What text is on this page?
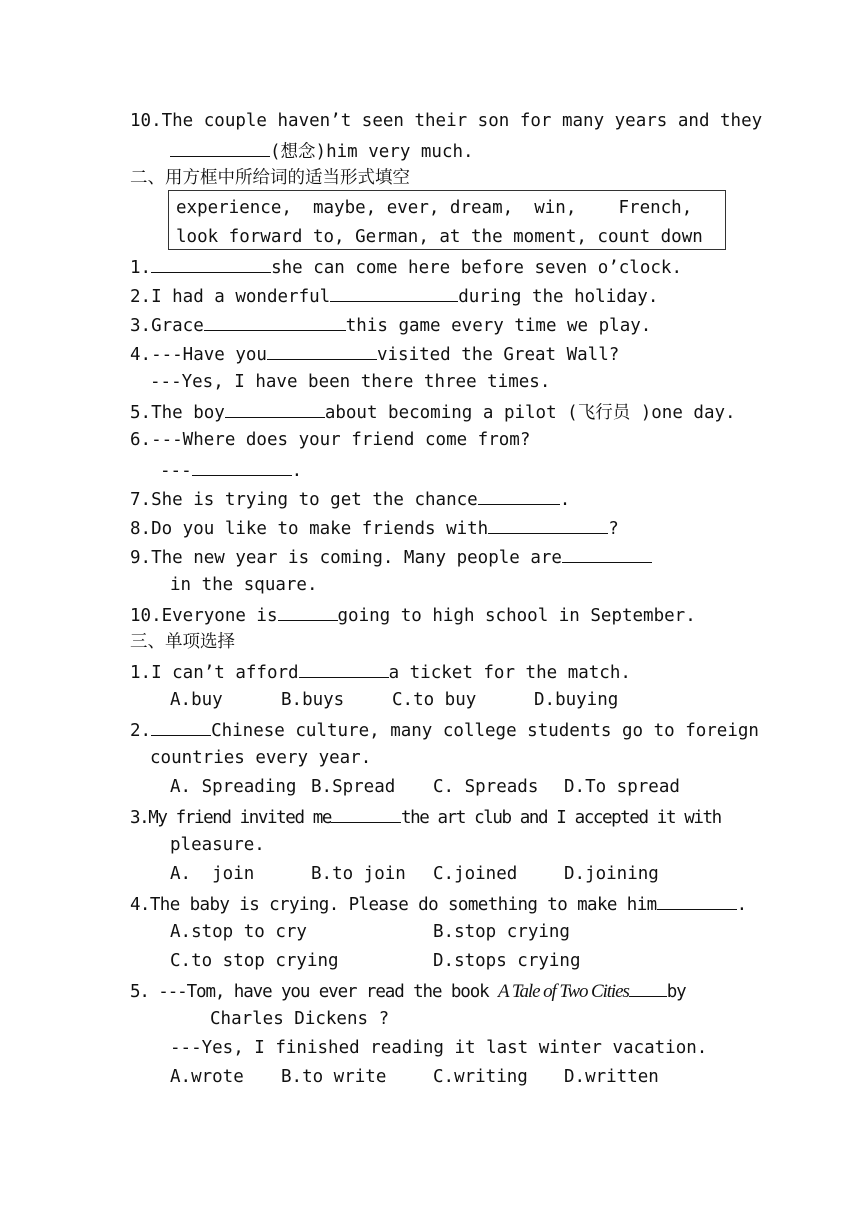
10.The couple haven’t seen their son for many years and they
(想念)him very much.
二、用方框中所给词的适当形式填空
experience,  maybe, ever, dream,  win,    French,
look forward to, German, at the moment, count down
1.	she can come here before seven o’clock.
2.I had a wonderful	during the holiday.
3.Grace	this game every time we play.
4.---Have you	visited the Great Wall?
---Yes, I have been there three times.
5.The boy	about becoming a pilot (飞行员 )one day.
6.---Where does your friend come from?
---	.
7.She is trying to get the chance	.
8.Do you like to make friends with	?
9.The new year is coming. Many people are
in the square.
10.Everyone is	going to high school in September.
三、单项选择
1.I can’t afford	a ticket for the match.
A.buy	B.buys	C.to buy	D.buying
2.	Chinese culture, many college students go to foreign
countries every year.
A. Spreading B.Spread C. Spreads D.To spread
3.My friend invited me	the art club and I accepted it with
pleasure.
A.  join	B.to join C.joined	D.joining
4.The baby is crying. Please do something to make him	.
A.stop to cry	B.stop crying
C.to stop crying	D.stops crying
5. ---Tom, have you ever read the book A Tale of Two Cities by
Charles Dickens ?
---Yes, I finished reading it last winter vacation.
A.wrote B.to write	C.writing D.written
